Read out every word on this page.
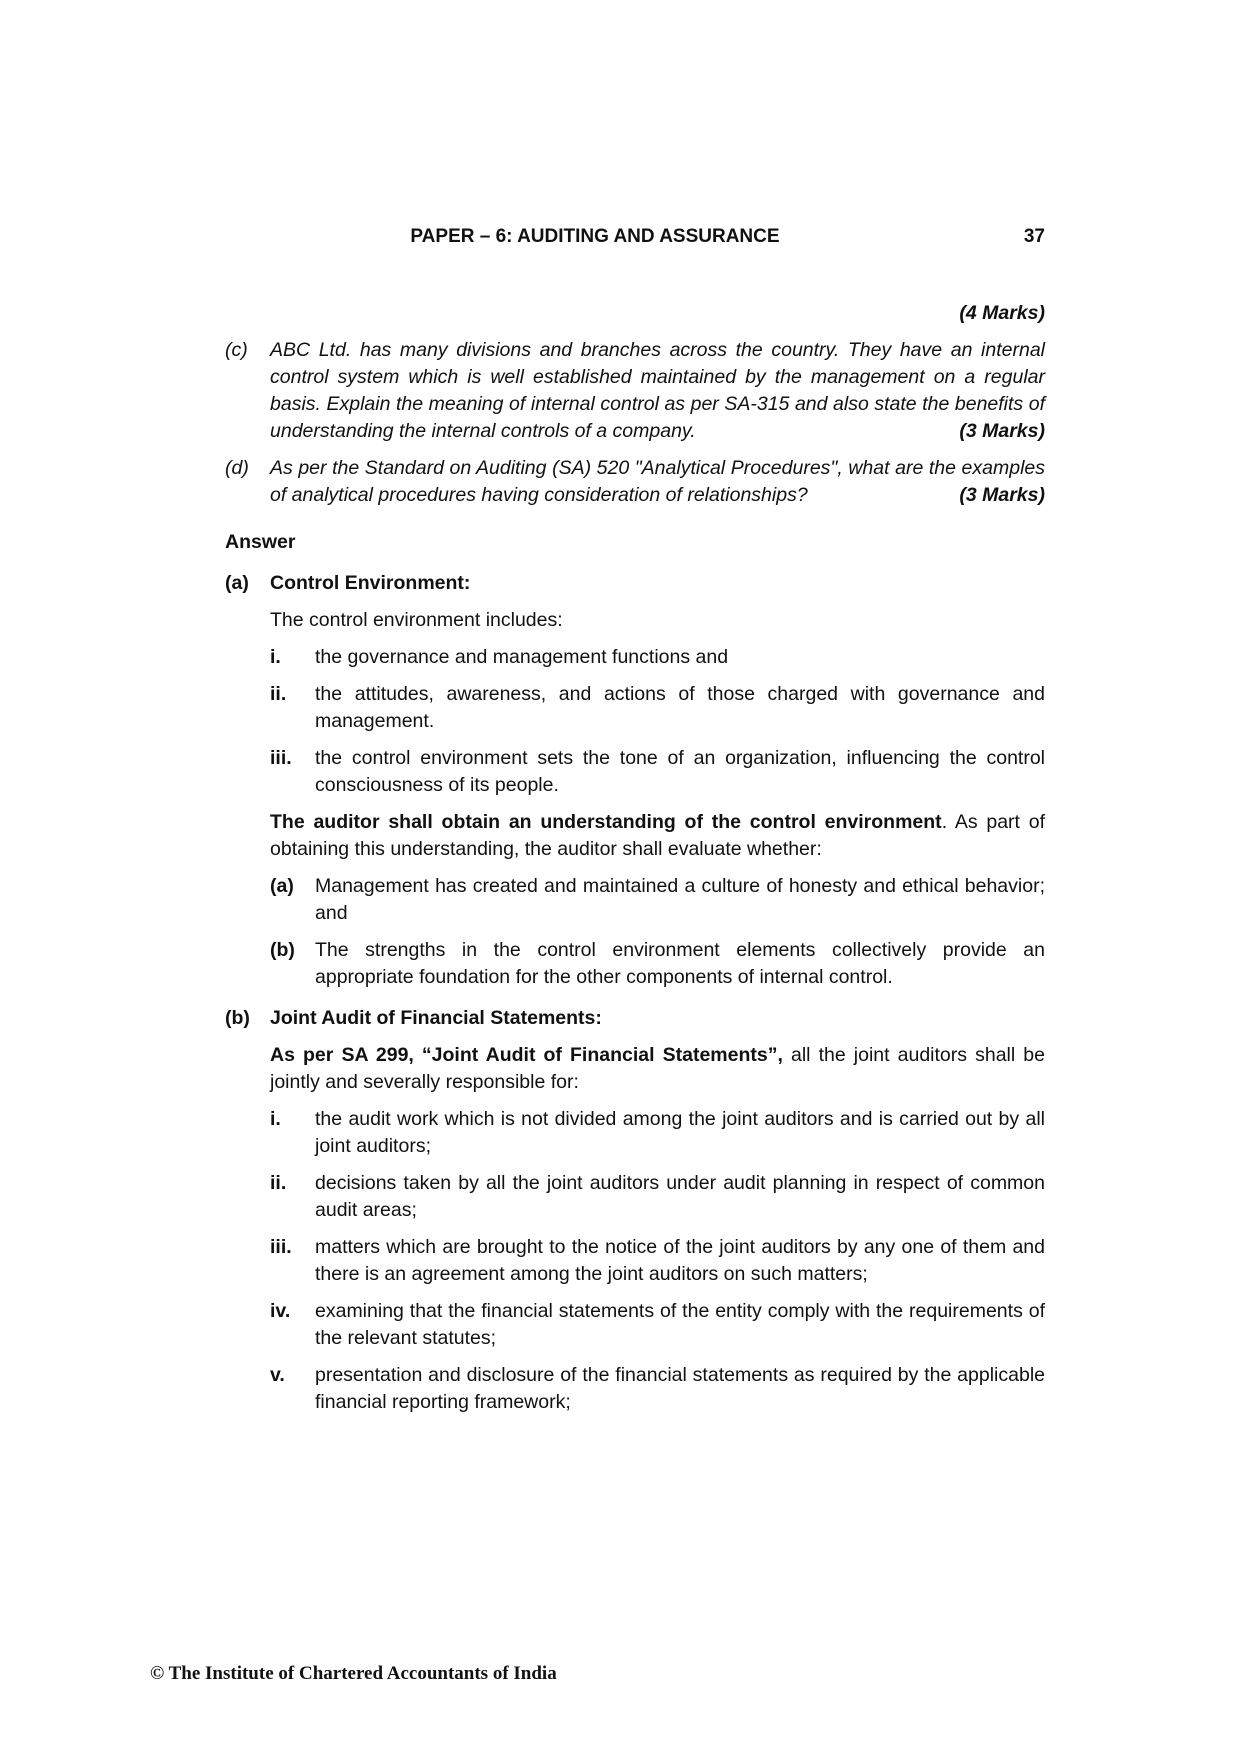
PAPER – 6: AUDITING AND ASSURANCE	37
(4 Marks)
(c) ABC Ltd. has many divisions and branches across the country. They have an internal control system which is well established maintained by the management on a regular basis. Explain the meaning of internal control as per SA-315 and also state the benefits of understanding the internal controls of a company.	(3 Marks)
(d) As per the Standard on Auditing (SA) 520 "Analytical Procedures", what are the examples of analytical procedures having consideration of relationships?	(3 Marks)
Answer
(a) Control Environment:

The control environment includes:

i. the governance and management functions and
ii. the attitudes, awareness, and actions of those charged with governance and management.
iii. the control environment sets the tone of an organization, influencing the control consciousness of its people.

The auditor shall obtain an understanding of the control environment. As part of obtaining this understanding, the auditor shall evaluate whether:

(a) Management has created and maintained a culture of honesty and ethical behavior; and
(b) The strengths in the control environment elements collectively provide an appropriate foundation for the other components of internal control.
(b) Joint Audit of Financial Statements:

As per SA 299, “Joint Audit of Financial Statements”, all the joint auditors shall be jointly and severally responsible for:

i. the audit work which is not divided among the joint auditors and is carried out by all joint auditors;
ii. decisions taken by all the joint auditors under audit planning in respect of common audit areas;
iii. matters which are brought to the notice of the joint auditors by any one of them and there is an agreement among the joint auditors on such matters;
iv. examining that the financial statements of the entity comply with the requirements of the relevant statutes;
v. presentation and disclosure of the financial statements as required by the applicable financial reporting framework;
© The Institute of Chartered Accountants of India
